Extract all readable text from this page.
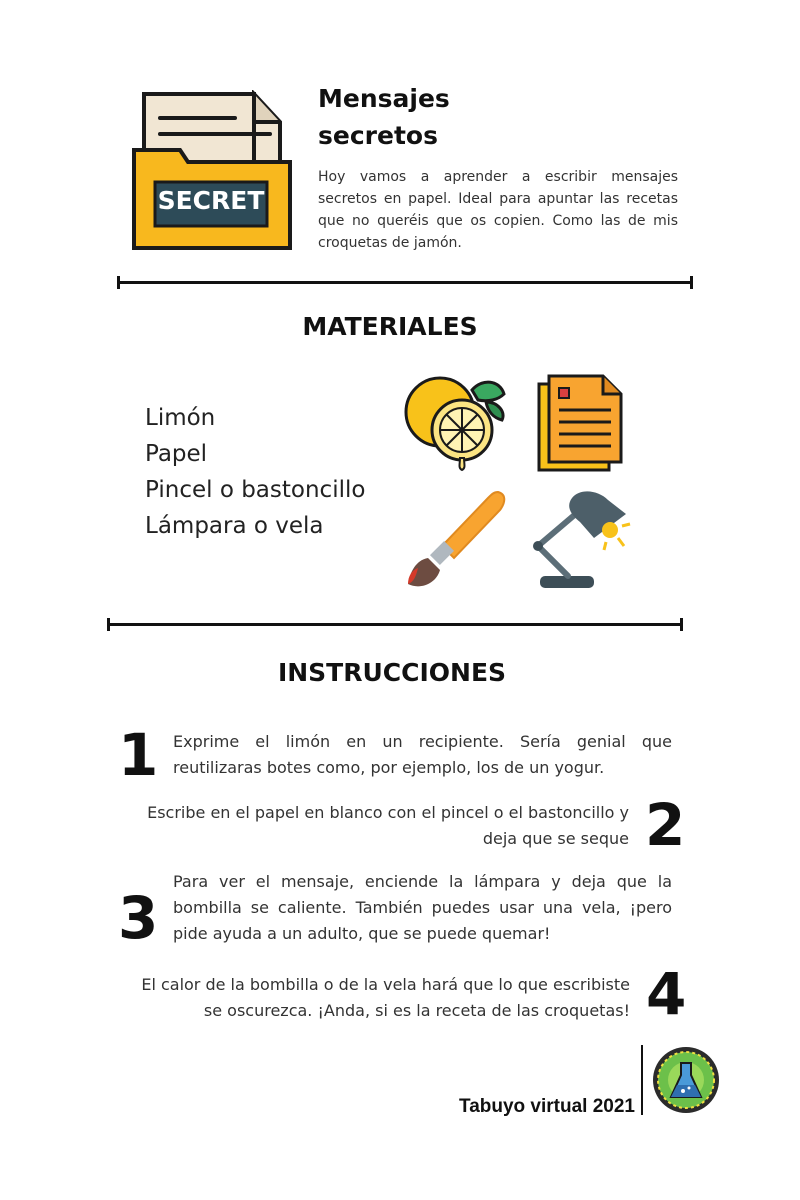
SECRET
Mensajes secretos
Hoy vamos a aprender a escribir mensajes secretos en papel. Ideal para apuntar las recetas que no queréis que os copien. Como las de mis croquetas de jamón.
MATERIALES
Limón
Papel
Pincel o bastoncillo
Lámpara o vela
INSTRUCCIONES
1 Exprime el limón en un recipiente. Sería genial que reutilizaras botes como, por ejemplo, los de un yogur.
Escribe en el papel en blanco con el pincel o el bastoncillo y deja que se seque 2
3
Para ver el mensaje, enciende la lámpara y deja que la bombilla se caliente. También puedes usar una vela, ¡pero pide ayuda a un adulto, que se puede quemar!
El calor de la bombilla o de la vela hará que lo que escribiste se oscurezca. ¡Anda, si es la receta de las croquetas! 4
Tabuyo virtual 2021
